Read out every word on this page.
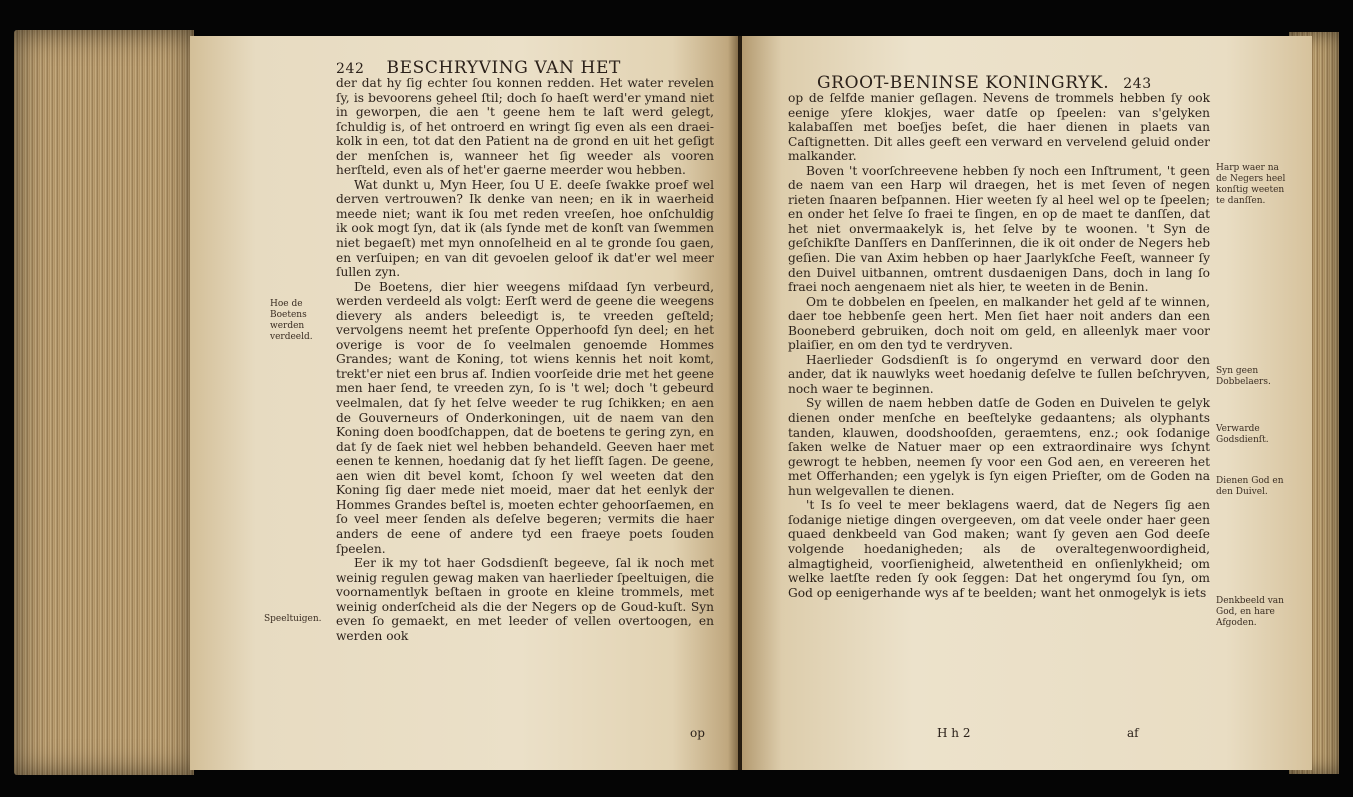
242 BESCHRYVING VAN HET

der dat hy ſig echter ſou konnen redden. Het water revelen ſy, is bevoorens geheel ſtil; doch ſo haeſt werd'er ymand niet in geworpen, die aen 't geene hem te laſt werd gelegt, ſchuldig is, of het ontroerd en wringt ſig even als een draei-kolk in een, tot dat den Patient na de grond en uit het geſigt der menſchen is, wanneer het ſig weeder als vooren herſteld, even als of het'er gaerne meerder wou hebben.

Wat dunkt u, Myn Heer, ſou U E. deeſe ſwakke proef wel derven vertrouwen? Ik denke van neen; en ik in waerheid meede niet; want ik ſou met reden vreeſen, hoe onſchuldig ik ook mogt ſyn, dat ik (als ſynde met de konſt van ſwemmen niet begaeſt) met myn onnoſelheid en al te gronde ſou gaen, en verſuipen; en van dit gevoelen geloof ik dat'er wel meer ſullen zyn.

De Boetens, dier hier weegens miſdaad ſyn verbeurd, werden verdeeld als volgt: Eerſt werd de geene die weegens dievery als anders beleedigt is, te vreeden geſteld; vervolgens neemt het preſente Opperhoofd ſyn deel; en het overige is voor de ſo veelmalen genoemde Hommes Grandes; want de Koning, tot wiens kennis het noit komt, trekt'er niet een brus af. Indien voorſeide drie met het geene men haer ſend, te vreeden zyn, ſo is 't wel; doch 't gebeurd veelmalen, dat ſy het ſelve weeder te rug ſchikken; en aen de Gouverneurs of Onderkoningen, uit de naem van den Koning doen boodſchappen, dat de boetens te gering zyn, en dat ſy de ſaek niet wel hebben behandeld. Geeven haer met eenen te kennen, hoedanig dat ſy het liefſt ſagen. De geene, aen wien dit bevel komt, ſchoon ſy wel weeten dat den Koning ſig daer mede niet moeid, maer dat het eenlyk der Hommes Grandes beſtel is, moeten echter gehoorſaemen, en ſo veel meer ſenden als deſelve begeren; vermits die haer anders de eene of andere tyd een fraeye poets ſouden ſpeelen.

Eer ik my tot haer Godsdienſt begeeve, ſal ik noch met weinig regulen gewag maken van haerlieder ſpeeltuigen, die voornamentlyk beſtaen in groote en kleine trommels, met weinig onderſcheid als die der Negers op de Goud-kuſt. Syn even ſo gemaekt, en met leeder of vellen overtoogen, en werden ook

Hoe de Boetens werden verdeeld.
Speeltuigen.
op
GROOT-BENINSE KONINGRYK. 243

op de ſelfde manier geſlagen. Nevens de trommels hebben ſy ook eenige yſere klokjes, waer datſe op ſpeelen: van s'gelyken kalabaſſen met boeſjes beſet, die haer dienen in plaets van Caſtignetten. Dit alles geeft een verward en vervelend geluid onder malkander.

Boven 't voorſchreevene hebben ſy noch een Inſtrument, 't geen de naem van een Harp wil draegen, het is met ſeven of negen rieten ſnaaren beſpannen. Hier weeten ſy al heel wel op te ſpeelen; en onder het ſelve ſo fraei te ſingen, en op de maet te danſſen, dat het niet onvermaakelyk is, het ſelve by te woonen. 't Syn de geſchikſte Danſſers en Danſſerinnen, die ik oit onder de Negers heb geſien. Die van Axim hebben op haer Jaarlykſche Feeſt, wanneer ſy den Duivel uitbannen, omtrent dusdaenigen Dans, doch in lang ſo fraei noch aengenaem niet als hier, te weeten in de Benin.

Om te dobbelen en ſpeelen, en malkander het geld af te winnen, daer toe hebbenſe geen hert. Men ſiet haer noit anders dan een Booneberd gebruiken, doch noit om geld, en alleenlyk maer voor plaiſier, en om den tyd te verdryven.

Haerlieder Godsdienſt is ſo ongerymd en verward door den ander, dat ik nauwlyks weet hoedanig deſelve te ſullen beſchryven, noch waer te beginnen.

Sy willen de naem hebben datſe de Goden en Duivelen te gelyk dienen onder menſche en beeſtelyke gedaantens; als olyphants tanden, klauwen, doodshooſden, geraemtens, enz.; ook ſodanige ſaken welke de Natuer maer op een extraordinaire wys ſchynt gewrogt te hebben, neemen ſy voor een God aen, en vereeren het met Offerhanden; een ygelyk is ſyn eigen Prieſter, om de Goden na hun welgevallen te dienen.

't Is ſo veel te meer beklagens waerd, dat de Negers ſig aen ſodanige nietige dingen overgeeven, om dat veele onder haer geen quaed denkbeeld van God maken; want ſy geven aen God deeſe volgende hoedanigheden; als de overaltegenwoordigheid, almagtigheid, voorſienigheid, alwetentheid en onſienlykheid; om welke laetſte reden ſy ook ſeggen: Dat het ongerymd ſou ſyn, om God op eenigerhande wys af te beelden; want het onmogelyk is iets

Harp waer na de Negers heel konſtig weeten te danſſen.
Syn geen Dobbelaers.
Verwarde Godsdienſt.
Dienen God en den Duivel.
Denkbeeld van God, en hare Afgoden.
H h 2	af
